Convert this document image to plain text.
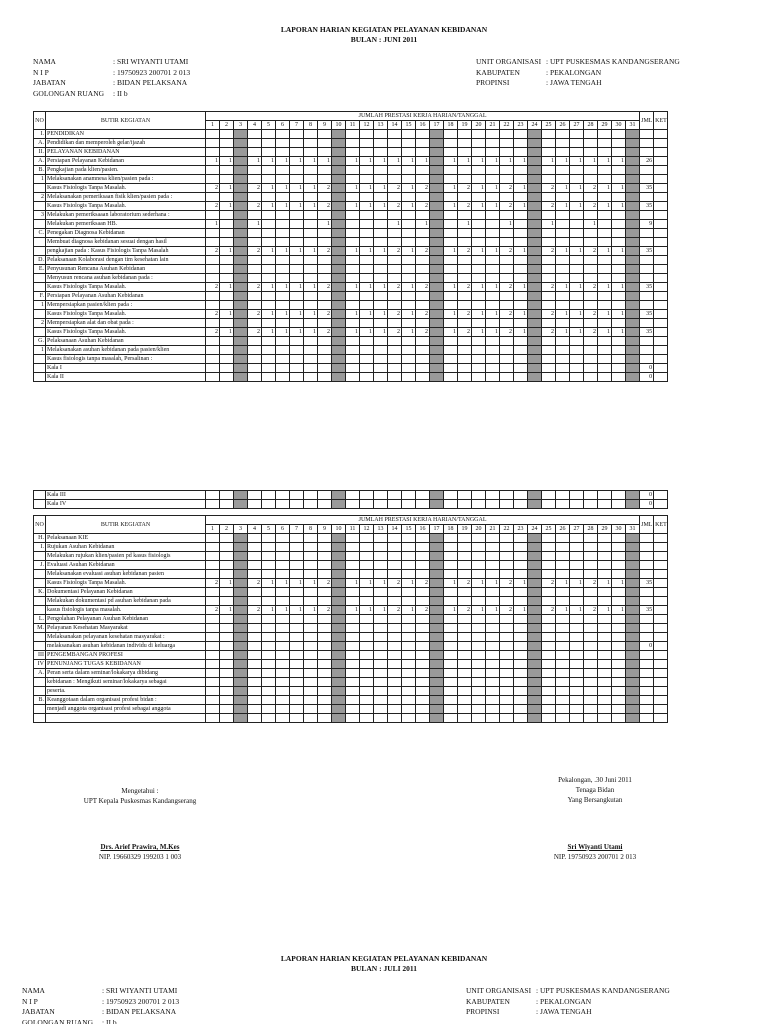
LAPORAN HARIAN KEGIATAN PELAYANAN KEBIDANAN
BULAN : JUNI 2011
NAMA	: SRI WIYANTI UTAMI
N I P	: 19750923 200701 2 013
JABATAN	: BIDAN PELAKSANA
GOLONGAN RUANG : II b
UNIT ORGANISASI : UPT PUSKESMAS KANDANGSERANG
KABUPATEN	: PEKALONGAN
PROPINSI	: JAWA TENGAH
NO	BUTIR KEGIATAN	JUMLAH PRESTASI KERJA HARIAN/TANGGAL																															JML	KET
		1	2	3	4	5	6	7	8	9	10	11	12	13	14	15	16	17	18	19	20	21	22	23	24	25	26	27	28	29	30	31		
I.	PENDIDIKAN																																	
A.	Pendidikan dan memperoleh gelar/ijazah																																	
II.	PELAYANAN KEBIDANAN																																	
A.	Persiapan Pelayanan Kebidanan	1	1		1	1	1	1	1	1		1	1	1	1	1	1		1	1	1	1	1	1		1	1	1	1	1	1		26	
B.	Pengkajian pada klien/pasien.																																	
1	Melaksanakan anamnesa klien/pasien pada :																																	
	Kasus Fisiologis Tanpa Masalah.	2	1		2	1	1	1	1	2		1	1	1	2	1	2		1	2	1	1	2	1		2	1	1	2	1	1		35	
2	Melaksanakan pemeriksaan fisik klien/pasien pada :																																	
	Kasus Fisiologis Tanpa Masalah.	2	1		2	1	1	1	1	2		1	1	1	2	1	2		1	2	1	1	2	1		2	1	1	2	1	1		35	
3	Melakukan pemeriksaaan laboratorium sederhana :																																	
	Melakukan pemeriksaan HB.	1			1					1					1		1			1			1			1			1				9	
C.	Penegakan Diagnosa Kebidanan																																	
	Membuat diagnosa kebidanan sesuai dengan hasil																																	
	pengkajian pada : Kasus Fisiologis Tanpa Masalah	2	1		2	1	1	1	1	2		1	1	1	2	1	2		1	2	1	1	2	1		2	1	1	2	1	1		35	
D.	Pelaksanaan Kolaborasi dengan tim kesehatan lain																																	
E.	Penyusunan Rencana Asuhan Kebidanan																																	
	Menyusun rencana asuhan kebidanan pada :																																	
	Kasus Fisiologis Tanpa Masalah.	2	1		2	1	1	1	1	2		1	1	1	2	1	2		1	2	1	1	2	1		2	1	1	2	1	1		35	
F.	Persiapan Pelayanan Asuhan Kebidanan																																	
1	Mempersiapkan pasien/klien pada :																																	
	Kasus Fisiologis Tanpa Masalah.	2	1		2	1	1	1	1	2		1	1	1	2	1	2		1	2	1	1	2	1		2	1	1	2	1	1		35	
2	Mempersiapkan alat dan obat pada :																																	
	Kasus Fisiologis Tanpa Masalah.	2	1		2	1	1	1	1	2		1	1	1	2	1	2		1	2	1	1	2	1		2	1	1	2	1	1		35	
G.	Pelaksanaan Asuhan Kebidanan																																	
1	Melaksanakan asuhan kebidanan pada pasien/klien																																	
	Kasus fisiologis tanpa masalah, Persalinan :																																	
	Kala I																																0	
	Kala II																																0	
	Kala III																																0	
	Kala IV																																0	
NO	BUTIR KEGIATAN	JUMLAH PRESTASI KERJA HARIAN/TANGGAL																															JML	KET
		1	2	3	4	5	6	7	8	9	10	11	12	13	14	15	16	17	18	19	20	21	22	23	24	25	26	27	28	29	30	31		
H.	Pelaksanaan KIE																																	
I.	Rujukan Asuhan Kebidanan																																	
	Melakukan rujukan klien/pasien pd kasus fisiologis																																	
J.	Evaluasi Asuhan Kebidanan																																	
	Melaksanakan evaluasi asuhan kebidanan pasien																																	
	Kasus Fisiologis Tanpa Masalah.	2	1		2	1	1	1	1	2		1	1	1	2	1	2		1	2	1	1	2	1		2	1	1	2	1	1		35	
K.	Dokumentasi Pelayanan Kebidanan																																	
	Melakukan dokumentasi pd asuhan kebidanan pada																																	
	kasus fisiologis tanpa masalah.	2	1		2	1	1	1	1	2		1	1	1	2	1	2		1	2	1	1	2	1		2	1	1	2	1	1		35	
L.	Pengolahan Pelayanan Asuhan Kebidanan																																	
M.	Pelayanan Kesehatan Masyarakat																																	
	Melaksanakan pelayanan kesehatan masyarakat :																																	
	melaksanakan asuhan kebidanan individu di keluarga																																0	
III	PENGEMBANGAN PROFESI																																	
IV	PENUNJANG TUGAS KEBIDANAN																																	
A.	Peran serta dalam seminar/lokakarya dibidang																																	
	kebidanan : Mengikuti seminar/lokakarya sebagai																																	
	peserta.																																	
B.	Keanggotaan dalam organisasi profesi bidan :																																	
	menjadi anggota organisasi profesi sebagai anggota																																	

Pekalongan, .30 Juni 2011
Tenaga Bidan
Yang Bersangkutan
Mengetahui :
UPT Kepala Puskesmas Kandangserang
Drs. Arief Prawira, M.Kes
NIP. 19660329 199203 1 003
Sri Wiyanti Utami
NIP. 19750923 200701 2 013
LAPORAN HARIAN KEGIATAN PELAYANAN KEBIDANAN
BULAN : JULI 2011
NAMA	: SRI WIYANTI UTAMI
N I P	: 19750923 200701 2 013
JABATAN	: BIDAN PELAKSANA
GOLONGAN RUANG : II b
UNIT ORGANISASI : UPT PUSKESMAS KANDANGSERANG
KABUPATEN	: PEKALONGAN
PROPINSI	: JAWA TENGAH
